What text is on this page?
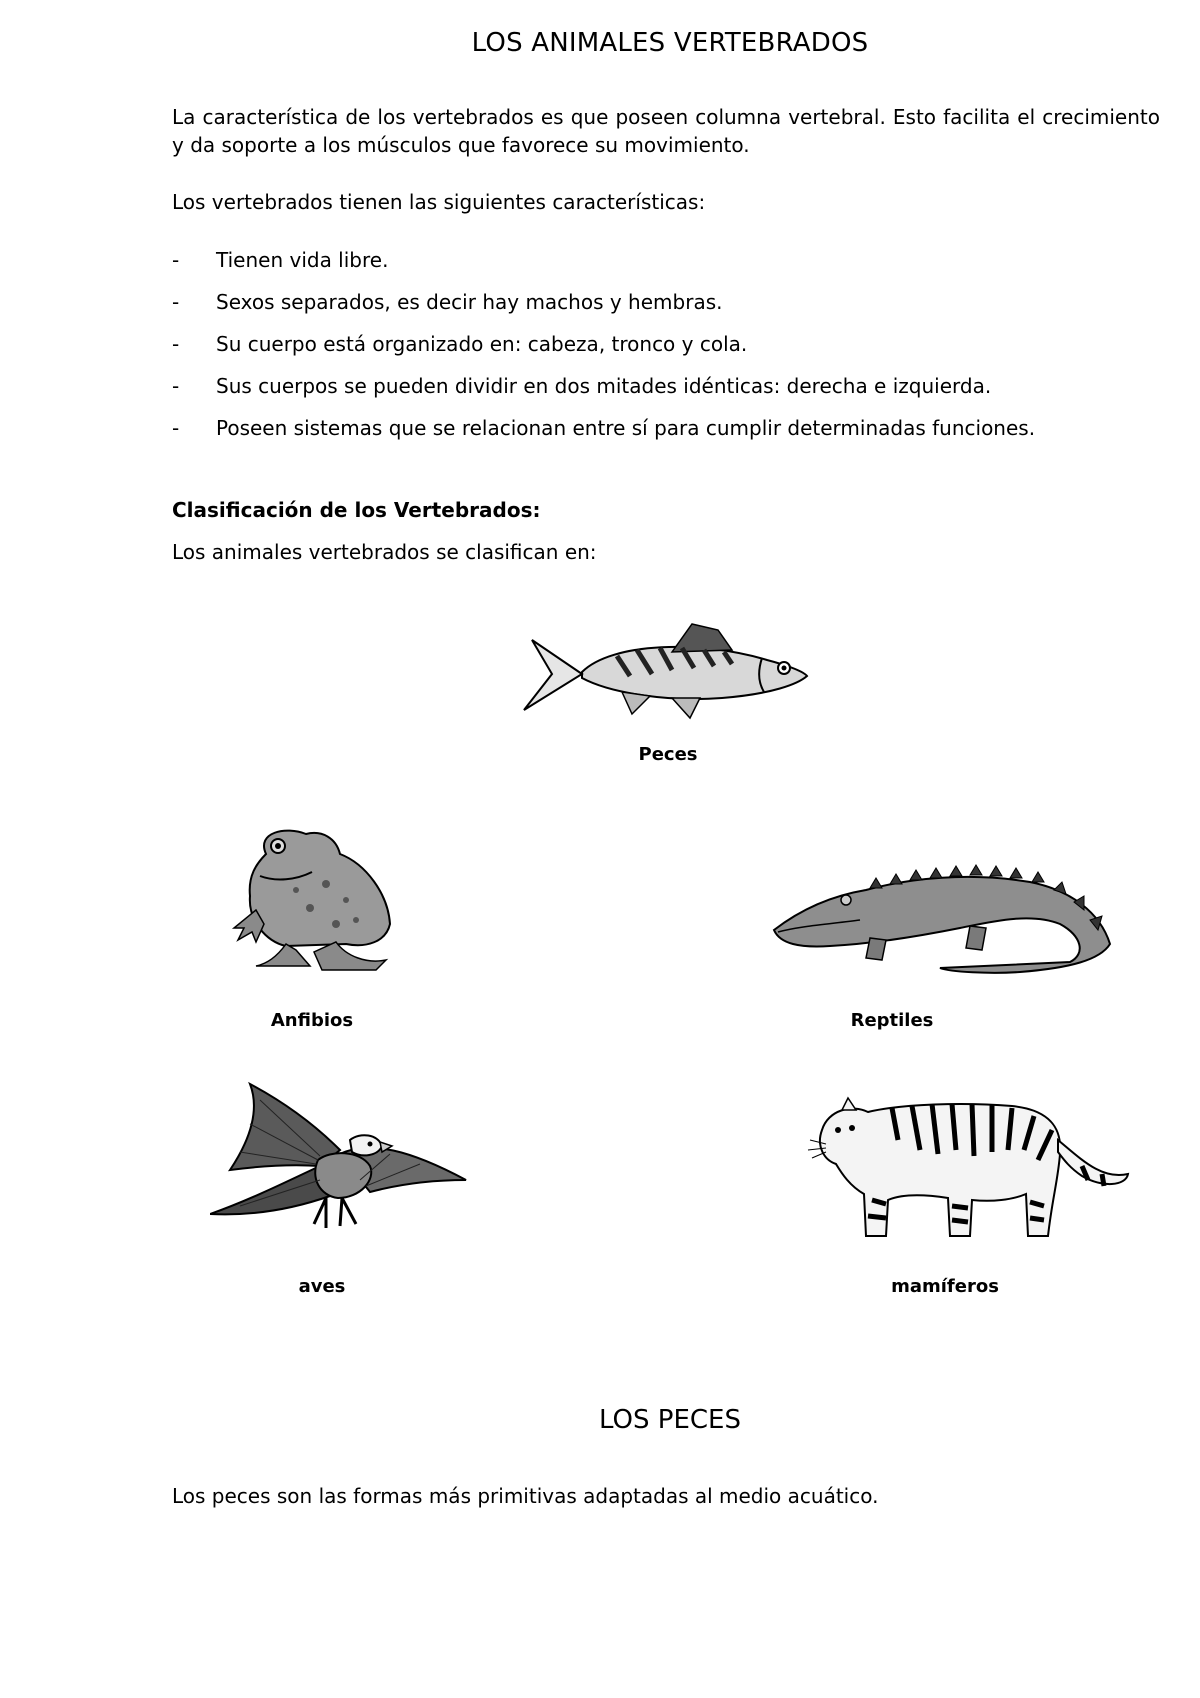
LOS ANIMALES VERTEBRADOS
La característica de los vertebrados es que poseen columna vertebral. Esto facilita el crecimiento y da soporte a los músculos que favorece su movimiento.
Los vertebrados tienen las siguientes características:
- Tienen vida libre.
- Sexos separados, es decir hay machos y hembras.
- Su cuerpo está organizado en: cabeza, tronco y cola.
- Sus cuerpos se pueden dividir en dos mitades idénticas: derecha e izquierda.
- Poseen sistemas que se relacionan entre sí para cumplir determinadas funciones.
Clasificación de los Vertebrados:
Los animales vertebrados se clasifican en:
Peces
Anfibios	Reptiles
aves	mamíferos
LOS PECES
Los peces son las formas más primitivas adaptadas al medio acuático.
